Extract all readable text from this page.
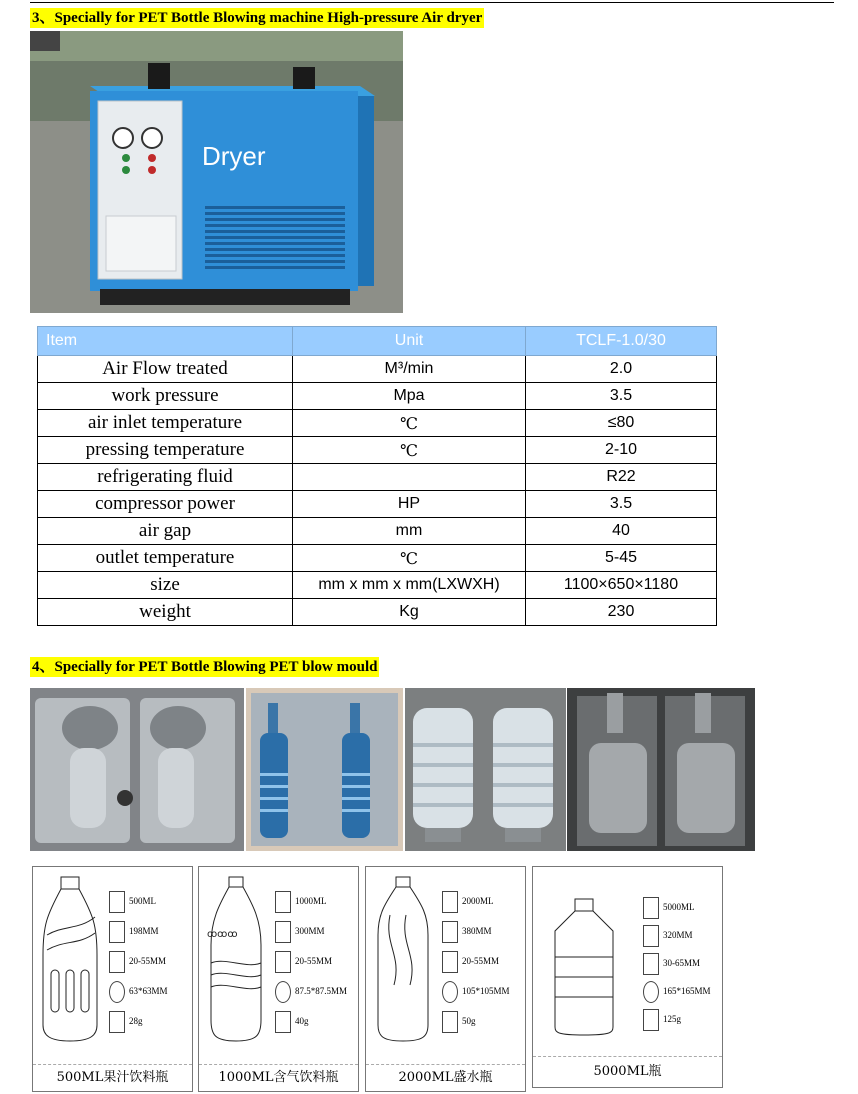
3、Specially for PET Bottle Blowing machine High-pressure Air dryer
Dryer
Item	Unit	TCLF-1.0/30
Air Flow treated	M³/min	2.0
work pressure	Mpa	3.5
air inlet temperature	℃	≤80
pressing temperature	℃	2-10
refrigerating fluid		R22
compressor power	HP	3.5
air gap	mm	40
outlet temperature	℃	5-45
size	mm x mm x mm(LXWXH)	1100×650×1180
weight	Kg	230
4、Specially for PET Bottle Blowing PET blow mould
500ML
198MM
20-55MM
63*63MM
28g
500ML果汁饮料瓶
ꝏꝏꝏ
1000ML
300MM
20-55MM
87.5*87.5MM
40g
1000ML含气饮料瓶
2000ML
380MM
20-55MM
105*105MM
50g
2000ML盛水瓶
5000ML
320MM
30-65MM
165*165MM
125g
5000ML瓶
